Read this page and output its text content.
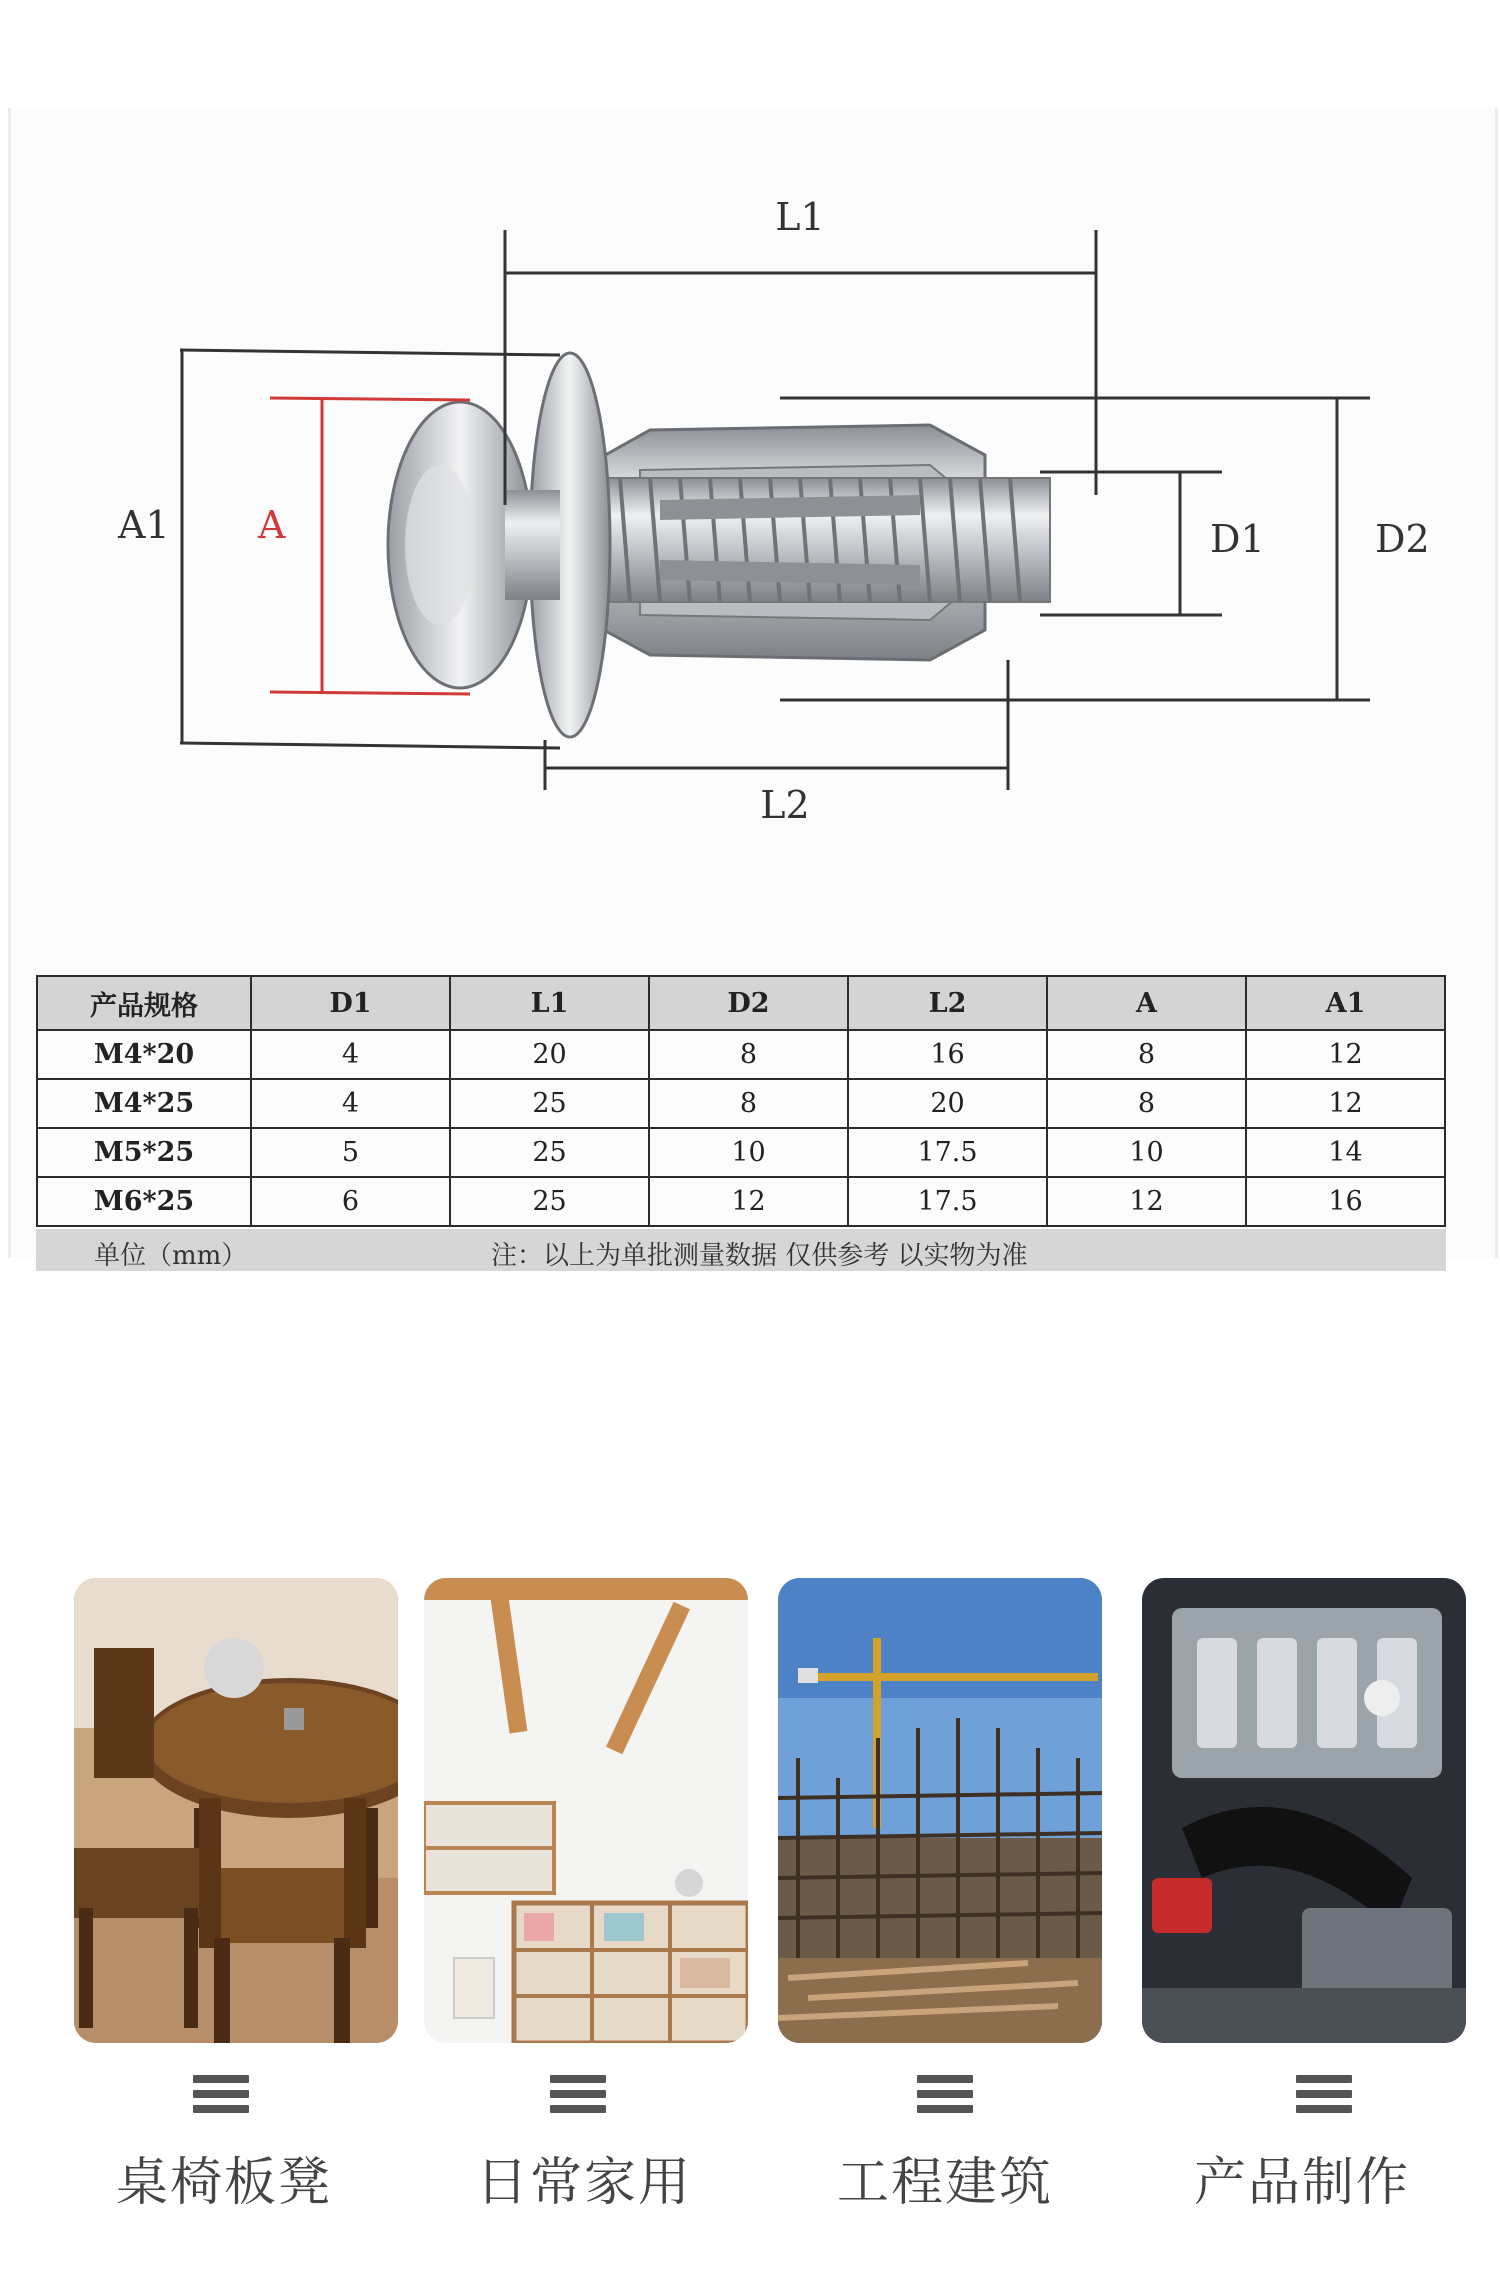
L1
L2
A1 A	D1	D2
产品规格	D1	L1	D2	L2	A	A1
M4*20	4	20	8	16	8	12
M4*25	4	25	8	20	8	12
M5*25	5	25	10	17.5	10	14
M6*25	6	25	12	17.5	12	16
单位（mm）	注：以上为单批测量数据 仅供参考 以实物为准
桌椅板凳	日常家用	工程建筑	产品制作
